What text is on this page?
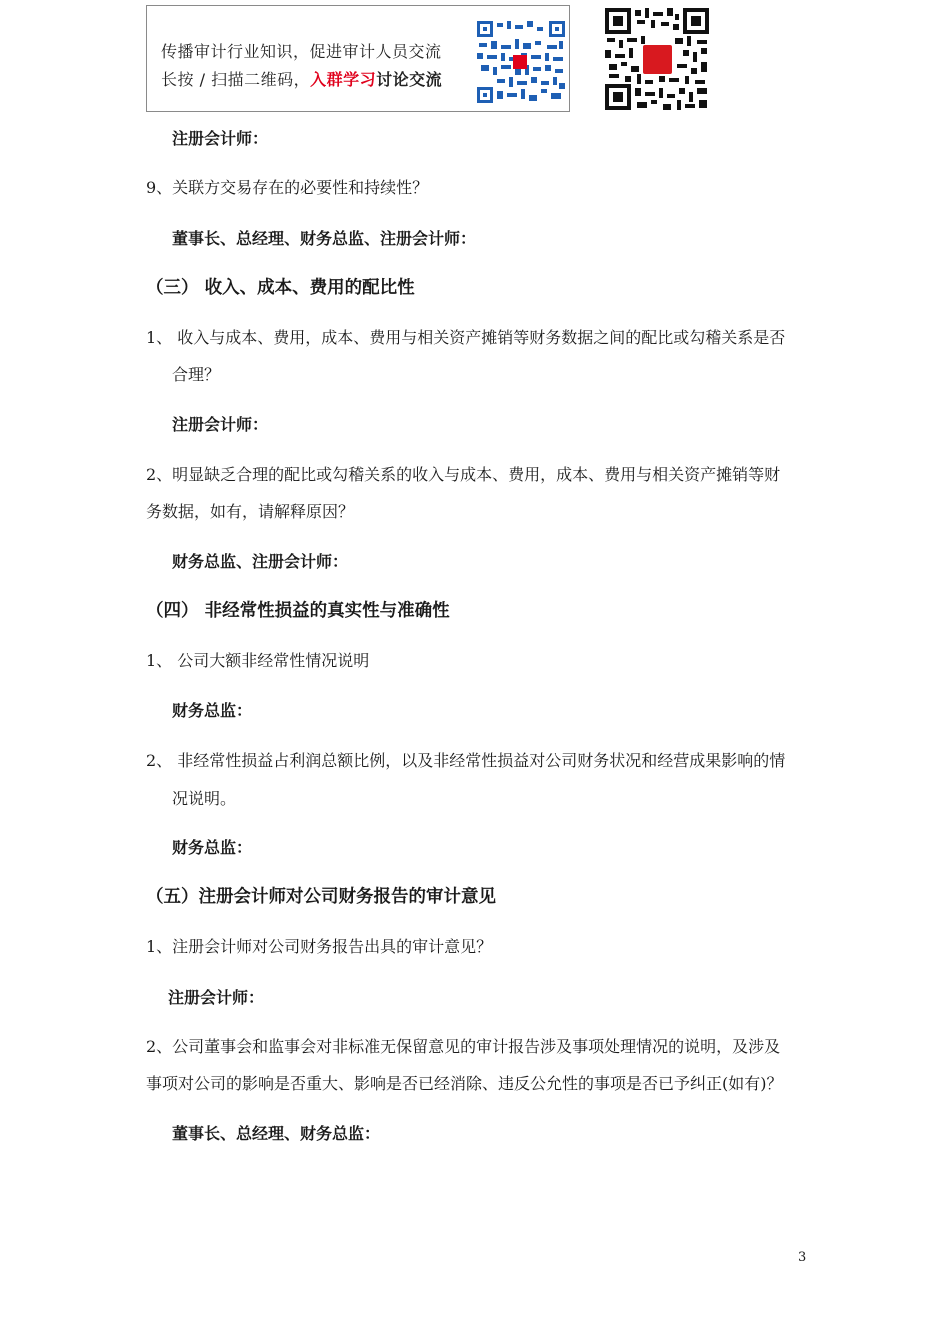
传播审计行业知识，促进审计人员交流
长按 / 扫描二维码，入群学习讨论交流
注册会计师：
9、关联方交易存在的必要性和持续性？
董事长、总经理、财务总监、注册会计师：
（三） 收入、成本、费用的配比性
1、 收入与成本、费用，成本、费用与相关资产摊销等财务数据之间的配比或勾稽关系是否
合理？
注册会计师：
2、明显缺乏合理的配比或勾稽关系的收入与成本、费用，成本、费用与相关资产摊销等财
务数据，如有，请解释原因？
财务总监、注册会计师：
（四） 非经常性损益的真实性与准确性
1、 公司大额非经常性情况说明
财务总监：
2、 非经常性损益占利润总额比例，以及非经常性损益对公司财务状况和经营成果影响的情
况说明。
财务总监：
（五）注册会计师对公司财务报告的审计意见
1、注册会计师对公司财务报告出具的审计意见？
注册会计师：
2、公司董事会和监事会对非标准无保留意见的审计报告涉及事项处理情况的说明，及涉及
事项对公司的影响是否重大、影响是否已经消除、违反公允性的事项是否已予纠正(如有)？
董事长、总经理、财务总监：
3
